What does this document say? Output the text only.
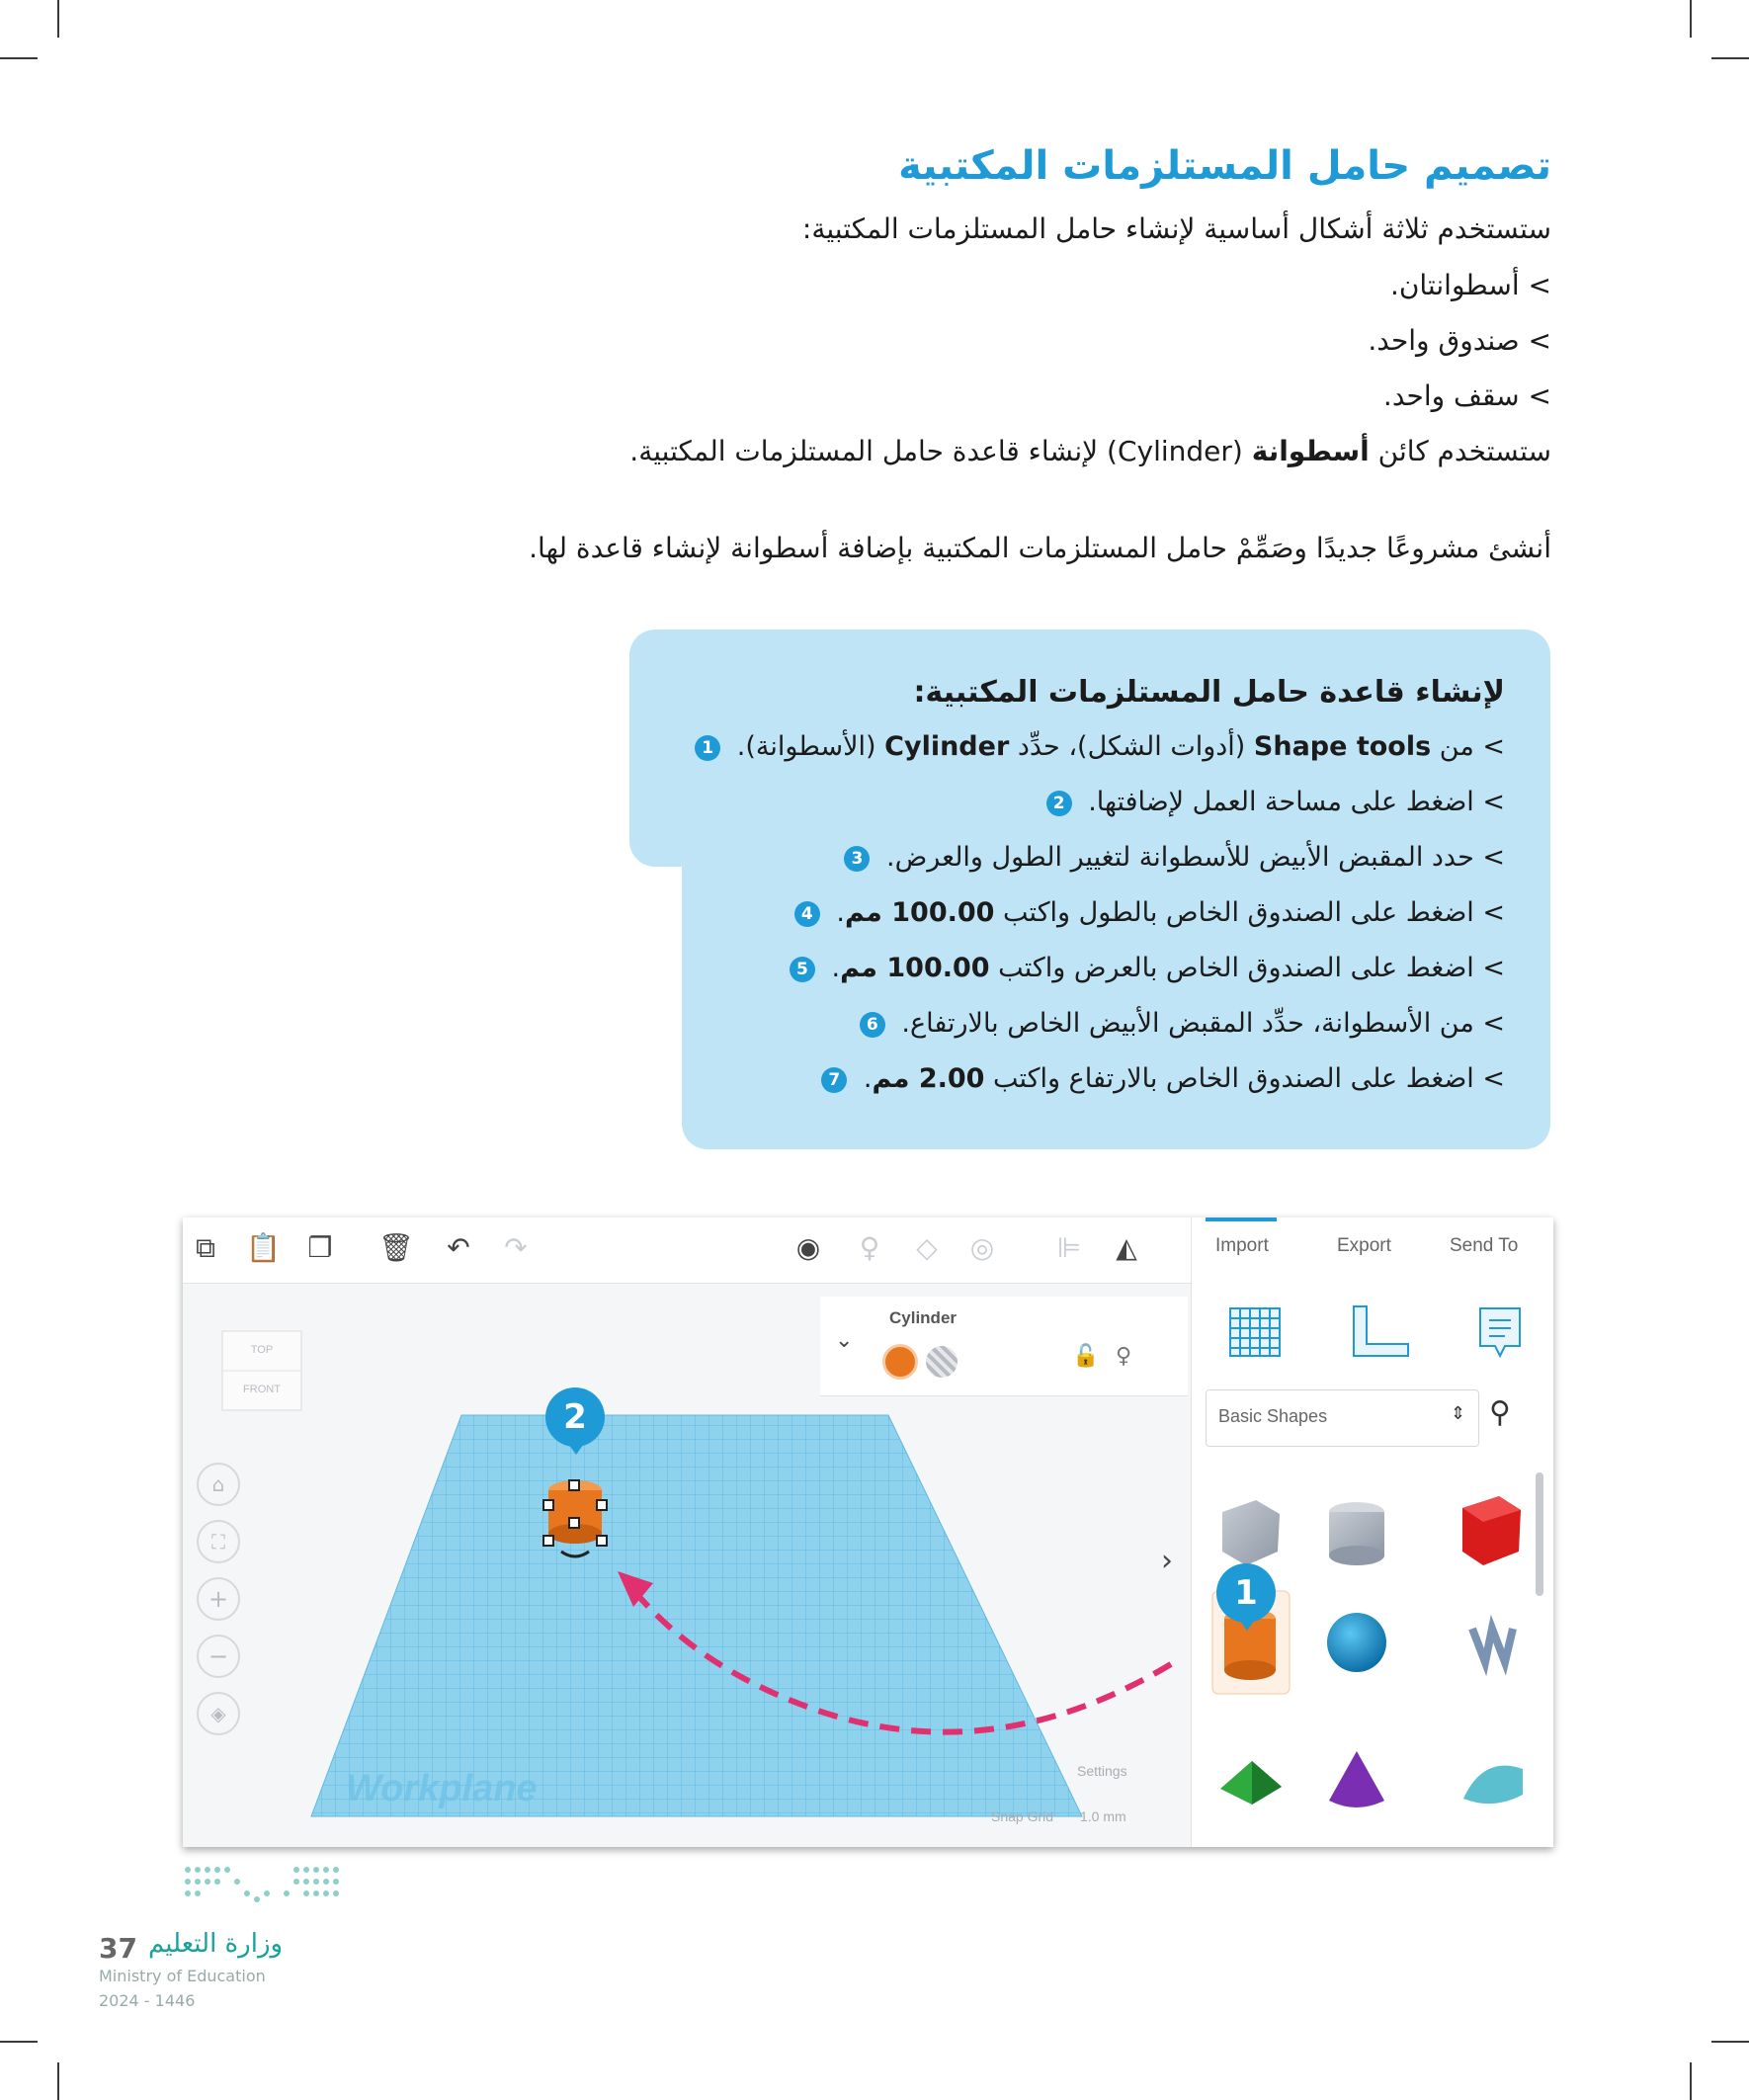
تصميم حامل المستلزمات المكتبية
ستستخدم ثلاثة أشكال أساسية لإنشاء حامل المستلزمات المكتبية:
> أسطوانتان.
> صندوق واحد.
> سقف واحد.
ستستخدم كائن أسطوانة (Cylinder) لإنشاء قاعدة حامل المستلزمات المكتبية.
أنشئ مشروعًا جديدًا وصَمِّمْ حامل المستلزمات المكتبية بإضافة أسطوانة لإنشاء قاعدة لها.
لإنشاء قاعدة حامل المستلزمات المكتبية:
> من Shape tools (أدوات الشكل)، حدِّد Cylinder (الأسطوانة). 1
> اضغط على مساحة العمل لإضافتها. 2
> حدد المقبض الأبيض للأسطوانة لتغيير الطول والعرض. 3
> اضغط على الصندوق الخاص بالطول واكتب 100.00 مم. 4
> اضغط على الصندوق الخاص بالعرض واكتب 100.00 مم. 5
> من الأسطوانة، حدِّد المقبض الأبيض الخاص بالارتفاع. 6
> اضغط على الصندوق الخاص بالارتفاع واكتب 2.00 مم. 7
⧉ 📋 ❐ 🗑 ↶ ↷	◉ ♀ ◇ ◎ ⊫ ◭	Import	Export	Send To
Basic Shapes	⇕ ⚲
›
TOP
FRONT
⌂
⛶
+
−
◈
Cylinder
⌄
🔓 ♀
Workplane	Settings
Snap Grid 1.0 mm
2
1
وزارة التعليم
37
Ministry of Education
2024 - 1446
